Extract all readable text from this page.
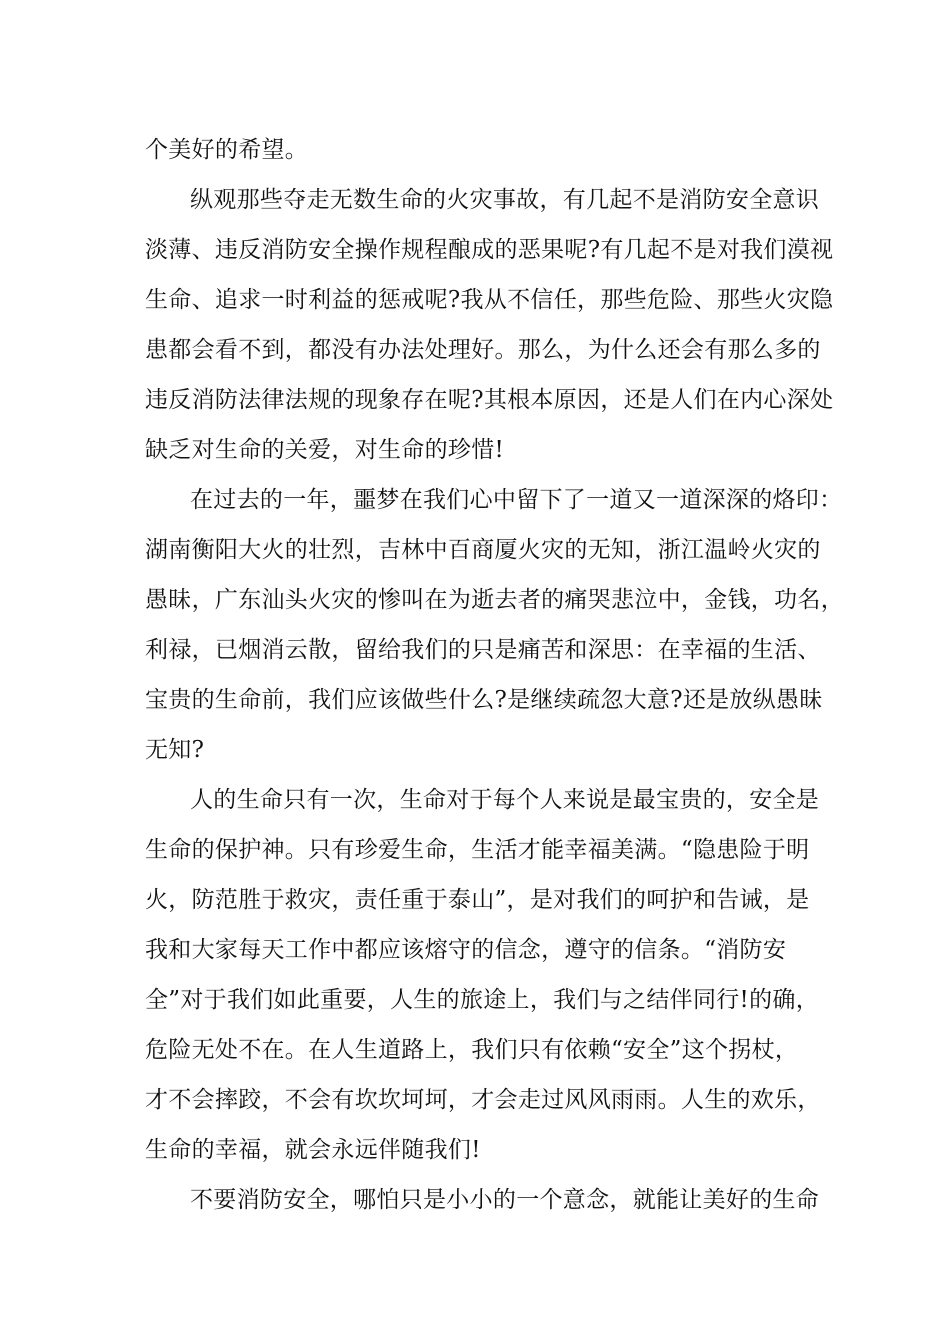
个美好的希望。
纵观那些夺走无数生命的火灾事故，有几起不是消防安全意识
淡薄、违反消防安全操作规程酿成的恶果呢?有几起不是对我们漠视
生命、追求一时利益的惩戒呢?我从不信任，那些危险、那些火灾隐
患都会看不到，都没有办法处理好。那么，为什么还会有那么多的
违反消防法律法规的现象存在呢?其根本原因，还是人们在内心深处
缺乏对生命的关爱，对生命的珍惜!
在过去的一年，噩梦在我们心中留下了一道又一道深深的烙印：
湖南衡阳大火的壮烈，吉林中百商厦火灾的无知，浙江温岭火灾的
愚昧，广东汕头火灾的惨叫在为逝去者的痛哭悲泣中，金钱，功名，
利禄，已烟消云散，留给我们的只是痛苦和深思：在幸福的生活、
宝贵的生命前，我们应该做些什么?是继续疏忽大意?还是放纵愚昧
无知?
人的生命只有一次，生命对于每个人来说是最宝贵的，安全是
生命的保护神。只有珍爱生命，生活才能幸福美满。“隐患险于明
火，防范胜于救灾，责任重于泰山”，是对我们的呵护和告诫，是
我和大家每天工作中都应该熔守的信念，遵守的信条。“消防安
全”对于我们如此重要，人生的旅途上，我们与之结伴同行!的确，
危险无处不在。在人生道路上，我们只有依赖“安全”这个拐杖，
才不会摔跤，不会有坎坎坷坷，才会走过风风雨雨。人生的欢乐，
生命的幸福，就会永远伴随我们!
不要消防安全，哪怕只是小小的一个意念，就能让美好的生命
